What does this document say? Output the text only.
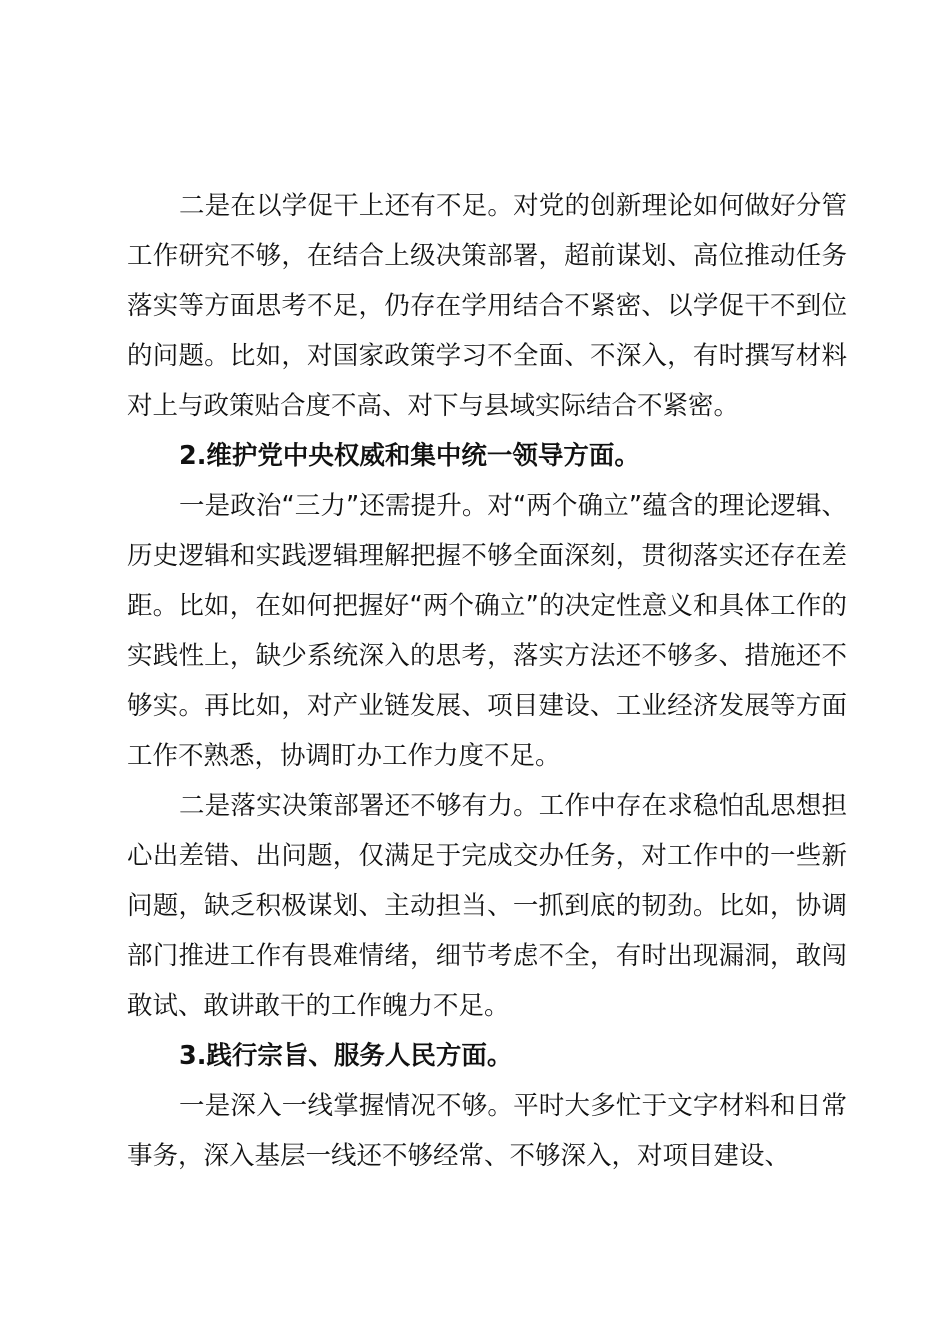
二是在以学促干上还有不足。对党的创新理论如何做好分管工作研究不够，在结合上级决策部署，超前谋划、高位推动任务落实等方面思考不足，仍存在学用结合不紧密、以学促干不到位的问题。比如，对国家政策学习不全面、不深入，有时撰写材料对上与政策贴合度不高、对下与县域实际结合不紧密。

2.维护党中央权威和集中统一领导方面。

一是政治“三力”还需提升。对“两个确立”蕴含的理论逻辑、历史逻辑和实践逻辑理解把握不够全面深刻，贯彻落实还存在差距。比如，在如何把握好“两个确立”的决定性意义和具体工作的实践性上，缺少系统深入的思考，落实方法还不够多、措施还不够实。再比如，对产业链发展、项目建设、工业经济发展等方面工作不熟悉，协调盯办工作力度不足。

二是落实决策部署还不够有力。工作中存在求稳怕乱思想担心出差错、出问题，仅满足于完成交办任务，对工作中的一些新问题，缺乏积极谋划、主动担当、一抓到底的韧劲。比如，协调部门推进工作有畏难情绪，细节考虑不全，有时出现漏洞，敢闯敢试、敢讲敢干的工作魄力不足。

3.践行宗旨、服务人民方面。

一是深入一线掌握情况不够。平时大多忙于文字材料和日常事务，深入基层一线还不够经常、不够深入，对项目建设、
